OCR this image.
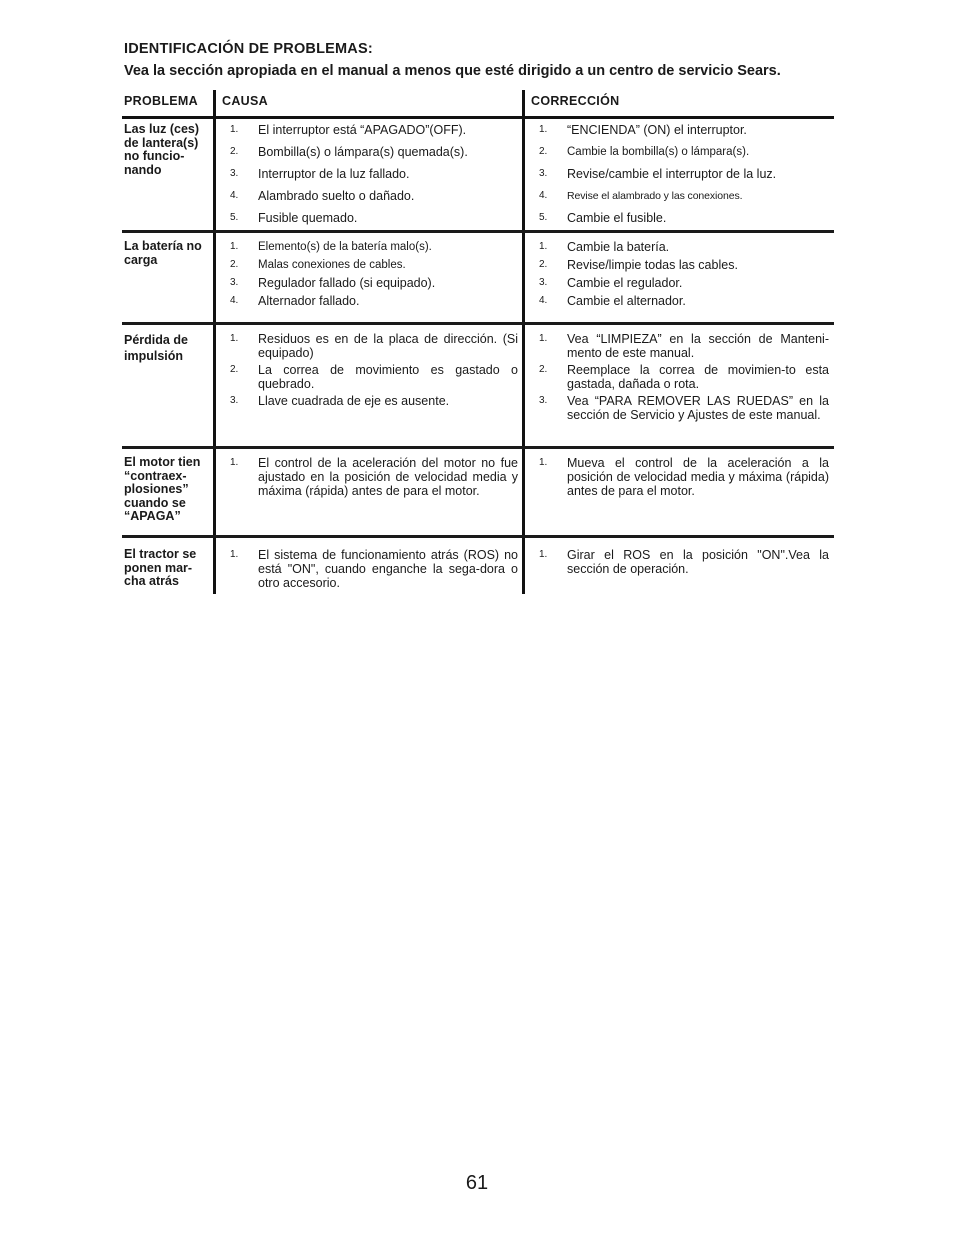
IDENTIFICACIÓN DE PROBLEMAS:
Vea la sección apropiada en el manual a menos que esté dirigido a un centro de servicio Sears.
PROBLEMA CAUSA	CORRECCIÓN
Las luz (ces) de lantera(s) no funcio-nando
1. El interruptor está “APAGADO”(OFF).
2. Bombilla(s) o lámpara(s) quemada(s).
3. Interruptor de la luz fallado.
4. Alambrado suelto o dañado.
5. Fusible quemado.
1. “ENCIENDA” (ON) el interruptor.
2. Cambie la bombilla(s) o lámpara(s).
3. Revise/cambie el interruptor de la luz.
4. Revise el alambrado y las conexiones.
5. Cambie el fusible.
La batería no carga
1. Elemento(s) de la batería malo(s).
2. Malas conexiones de cables.
3. Regulador fallado (si equipado).
4. Alternador fallado.
1. Cambie la batería.
2. Revise/limpie todas las cables.
3. Cambie el regulador.
4. Cambie el alternador.
Pérdida de impulsión
1. Residuos es en de la placa de dirección. (Si equipado)
2. La correa de movimiento es gastado o quebrado.
3. Llave cuadrada de eje es ausente.
1. Vea “LIMPIEZA” en la sección de Manteni-mento de este manual.
2. Reemplace la correa de movimien-to esta gastada, dañada o rota.
3. Vea “PARA REMOVER LAS RUEDAS” en la sección de Servicio y Ajustes de este manual.
El motor tien “contraex-plosiones” cuando se “APAGA”
1. El control de la aceleración del motor no fue ajustado en la posición de velocidad media y máxima (rápida) antes de para el motor.
1. Mueva el control de la aceleración a la posición de velocidad media y máxima (rápida) antes de para el motor.
El tractor se ponen mar-cha atrás
1. El sistema de funcionamiento atrás (ROS) no está "ON", cuando enganche la sega-dora o otro accesorio.
1. Girar el ROS en la posición "ON".Vea la sección de operación.
61
